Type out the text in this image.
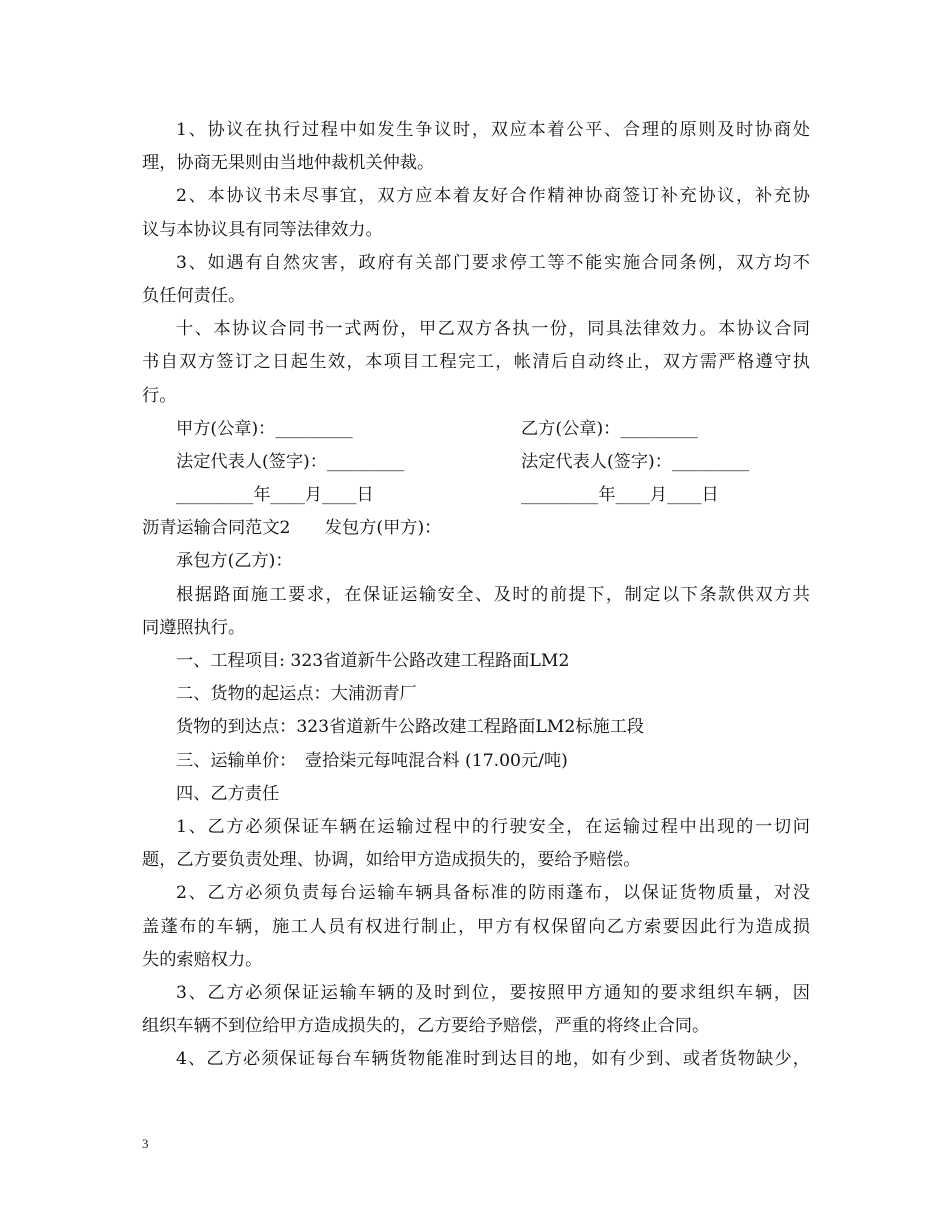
1、协议在执行过程中如发生争议时，双应本着公平、合理的原则及时协商处
理，协商无果则由当地仲裁机关仲裁。
2、本协议书未尽事宜，双方应本着友好合作精神协商签订补充协议，补充协
议与本协议具有同等法律效力。
3、如遇有自然灾害，政府有关部门要求停工等不能实施合同条例，双方均不
负任何责任。
十、本协议合同书一式两份，甲乙双方各执一份，同具法律效力。本协议合同
书自双方签订之日起生效，本项目工程完工，帐清后自动终止，双方需严格遵守执
行。
甲方(公章)：_________	乙方(公章)：_________
法定代表人(签字)：_________	法定代表人(签字)：_________
_________年____月____日	_________年____月____日
沥青运输合同范文2　　发包方(甲方)：
承包方(乙方)：
根据路面施工要求，在保证运输安全、及时的前提下，制定以下条款供双方共
同遵照执行。
一、工程项目: 323省道新牛公路改建工程路面LM2
二、货物的起运点：大浦沥青厂
货物的到达点：323省道新牛公路改建工程路面LM2标施工段
三、运输单价：　壹拾柒元每吨混合料 (17.00元/吨)
四、乙方责任
1、乙方必须保证车辆在运输过程中的行驶安全，在运输过程中出现的一切问
题，乙方要负责处理、协调，如给甲方造成损失的，要给予赔偿。
2、乙方必须负责每台运输车辆具备标准的防雨蓬布，以保证货物质量，对没
盖蓬布的车辆，施工人员有权进行制止，甲方有权保留向乙方索要因此行为造成损
失的索赔权力。
3、乙方必须保证运输车辆的及时到位，要按照甲方通知的要求组织车辆，因
组织车辆不到位给甲方造成损失的，乙方要给予赔偿，严重的将终止合同。
4、乙方必须保证每台车辆货物能准时到达目的地，如有少到、或者货物缺少，
3
